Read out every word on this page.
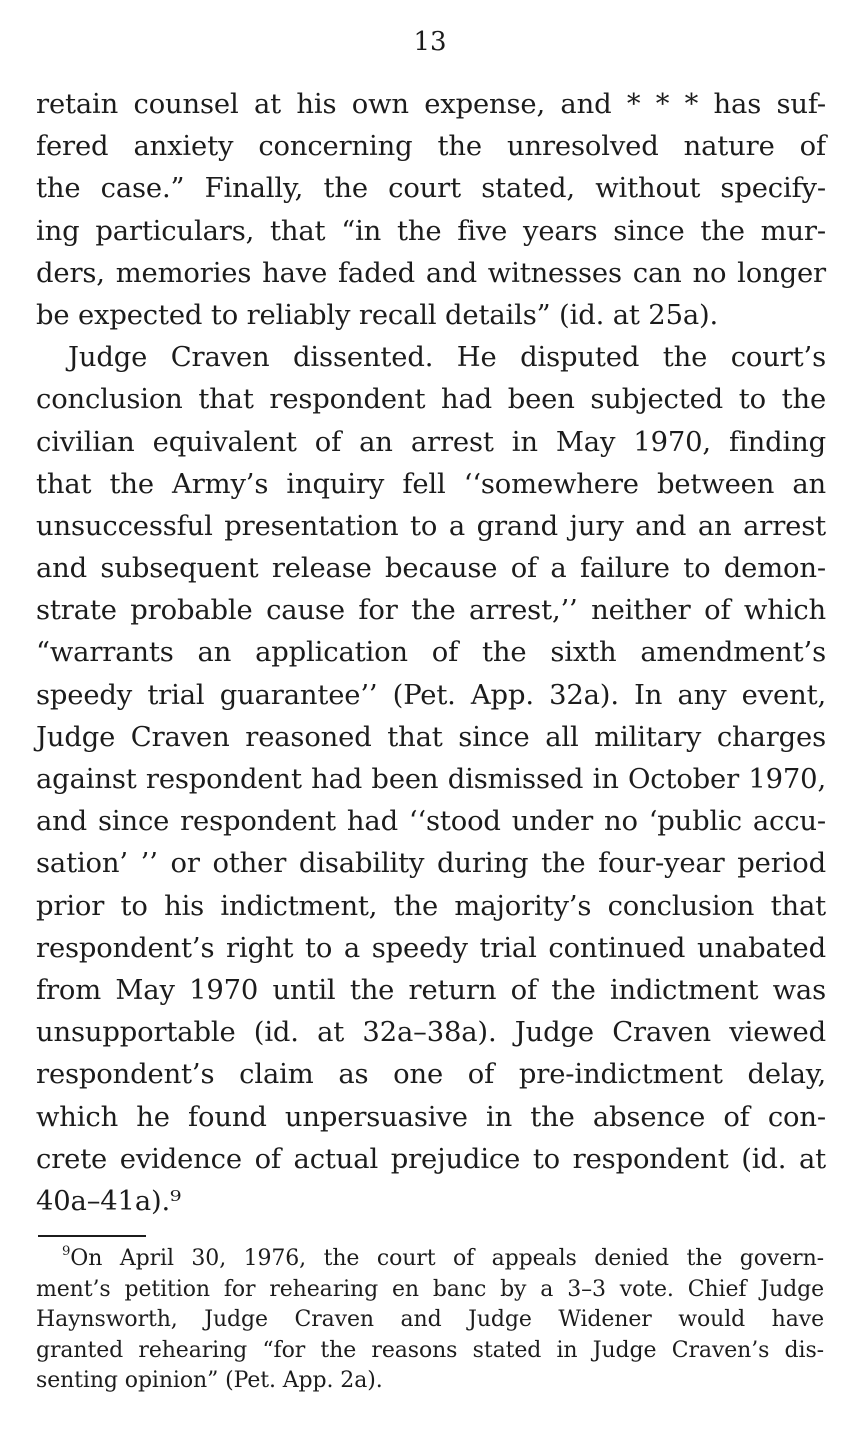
13
retain counsel at his own expense, and * * * has suf-
fered anxiety concerning the unresolved nature of
the case.” Finally, the court stated, without specify-
ing particulars, that “in the five years since the mur-
ders, memories have faded and witnesses can no longer
be expected to reliably recall details” (id. at 25a).
Judge Craven dissented. He disputed the court’s
conclusion that respondent had been subjected to the
civilian equivalent of an arrest in May 1970, finding
that the Army’s inquiry fell ‘‘somewhere between an
unsuccessful presentation to a grand jury and an arrest
and subsequent release because of a failure to demon-
strate probable cause for the arrest,’’ neither of which
“warrants an application of the sixth amendment’s
speedy trial guarantee’’ (Pet. App. 32a). In any event,
Judge Craven reasoned that since all military charges
against respondent had been dismissed in October 1970,
and since respondent had ‘‘stood under no ‘public accu-
sation’ ’’ or other disability during the four-year period
prior to his indictment, the majority’s conclusion that
respondent’s right to a speedy trial continued unabated
from May 1970 until the return of the indictment was
unsupportable (id. at 32a–38a). Judge Craven viewed
respondent’s claim as one of pre-indictment delay,
which he found unpersuasive in the absence of con-
crete evidence of actual prejudice to respondent (id. at
40a–41a).⁹
$^9$On April 30, 1976, the court of appeals denied the govern-
ment’s petition for rehearing en banc by a 3–3 vote. Chief Judge
Haynsworth, Judge Craven and Judge Widener would have
granted rehearing “for the reasons stated in Judge Craven’s dis-
senting opinion” (Pet. App. 2a).
